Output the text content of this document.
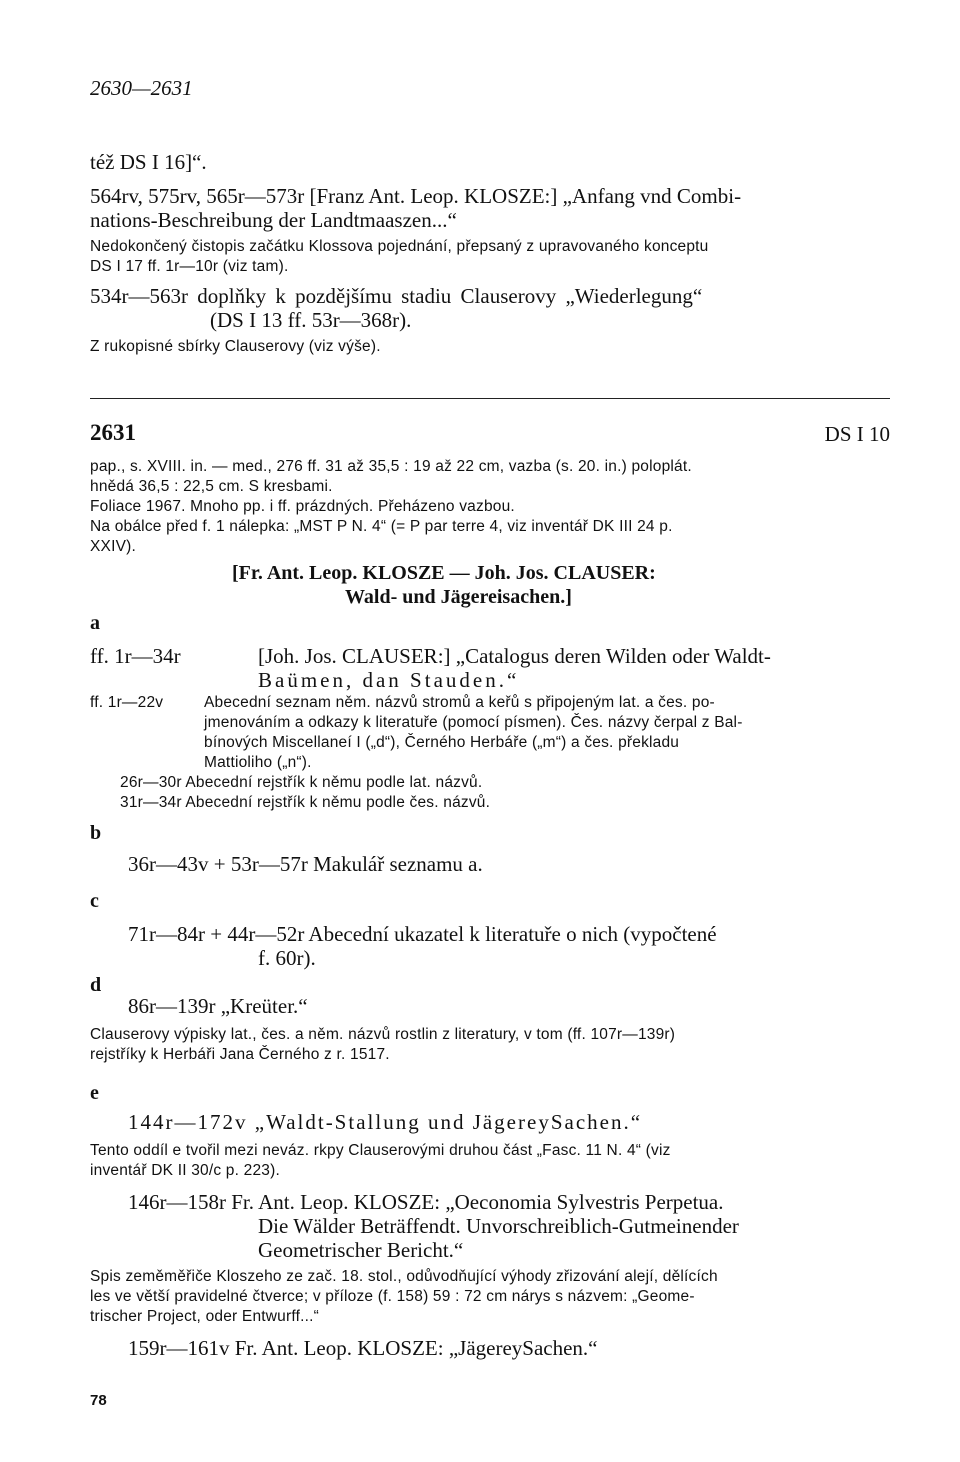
2630—2631
též DS I 16]“.
564rv, 575rv, 565r—573r [Franz Ant. Leop. KLOSZE:] „Anfang vnd Combi-
nations-Beschreibung der Landtmaaszen...“
Nedokončený čistopis začátku Klossova pojednání, přepsaný z upravovaného konceptu
DS I 17 ff. 1r—10r (viz tam).
534r—563r doplňky k pozdějšímu stadiu Clauserovy „Wiederlegung“
(DS I 13 ff. 53r—368r).
Z rukopisné sbírky Clauserovy (viz výše).
2631	DS I 10
pap., s. XVIII. in. — med., 276 ff. 31 až 35,5 : 19 až 22 cm, vazba (s. 20. in.) poloplát.
hnědá 36,5 : 22,5 cm. S kresbami.
Foliace 1967. Mnoho pp. i ff. prázdných. Přeházeno vazbou.
Na obálce před f. 1 nálepka: „MST P N. 4“ (= P par terre 4, viz inventář DK III 24 p.
XXIV).
[Fr. Ant. Leop. KLOSZE — Joh. Jos. CLAUSER:
Wald- und Jägereisachen.]
a
ff. 1r—34r	[Joh. Jos. CLAUSER:] „Catalogus deren Wilden oder Waldt-
Baümen, dan Stauden.“
ff. 1r—22v	Abecední seznam něm. názvů stromů a keřů s připojeným lat. a čes. po-
jmenováním a odkazy k literatuře (pomocí písmen). Čes. názvy čerpal z Bal-
bínových Miscellaneí I („d“), Černého Herbáře („m“) a čes. překladu
Mattioliho („n“).
26r—30r Abecední rejstřík k němu podle lat. názvů.
31r—34r Abecední rejstřík k němu podle čes. názvů.
b
36r—43v + 53r—57r Makulář seznamu a.
c
71r—84r + 44r—52r Abecední ukazatel k literatuře o nich (vypočtené
f. 60r).
d
86r—139r „Kreüter.“
Clauserovy výpisky lat., čes. a něm. názvů rostlin z literatury, v tom (ff. 107r—139r)
rejstříky k Herbáři Jana Černého z r. 1517.
e
144r—172v „Waldt-Stallung und JägereySachen.“
Tento oddíl e tvořil mezi neváz. rkpy Clauserovými druhou část „Fasc. 11 N. 4“ (viz
inventář DK II 30/c p. 223).
146r—158r Fr. Ant. Leop. KLOSZE: „Oeconomia Sylvestris Perpetua.
Die Wälder Beträffendt. Unvorschreiblich-Gutmeinender
Geometrischer Bericht.“
Spis zeměměřiče Kloszeho ze zač. 18. stol., odůvodňující výhody zřizování alejí, dělících
les ve větší pravidelné čtverce; v příloze (f. 158) 59 : 72 cm nárys s názvem: „Geome-
trischer Project, oder Entwurff...“
159r—161v Fr. Ant. Leop. KLOSZE: „JägereySachen.“
78
